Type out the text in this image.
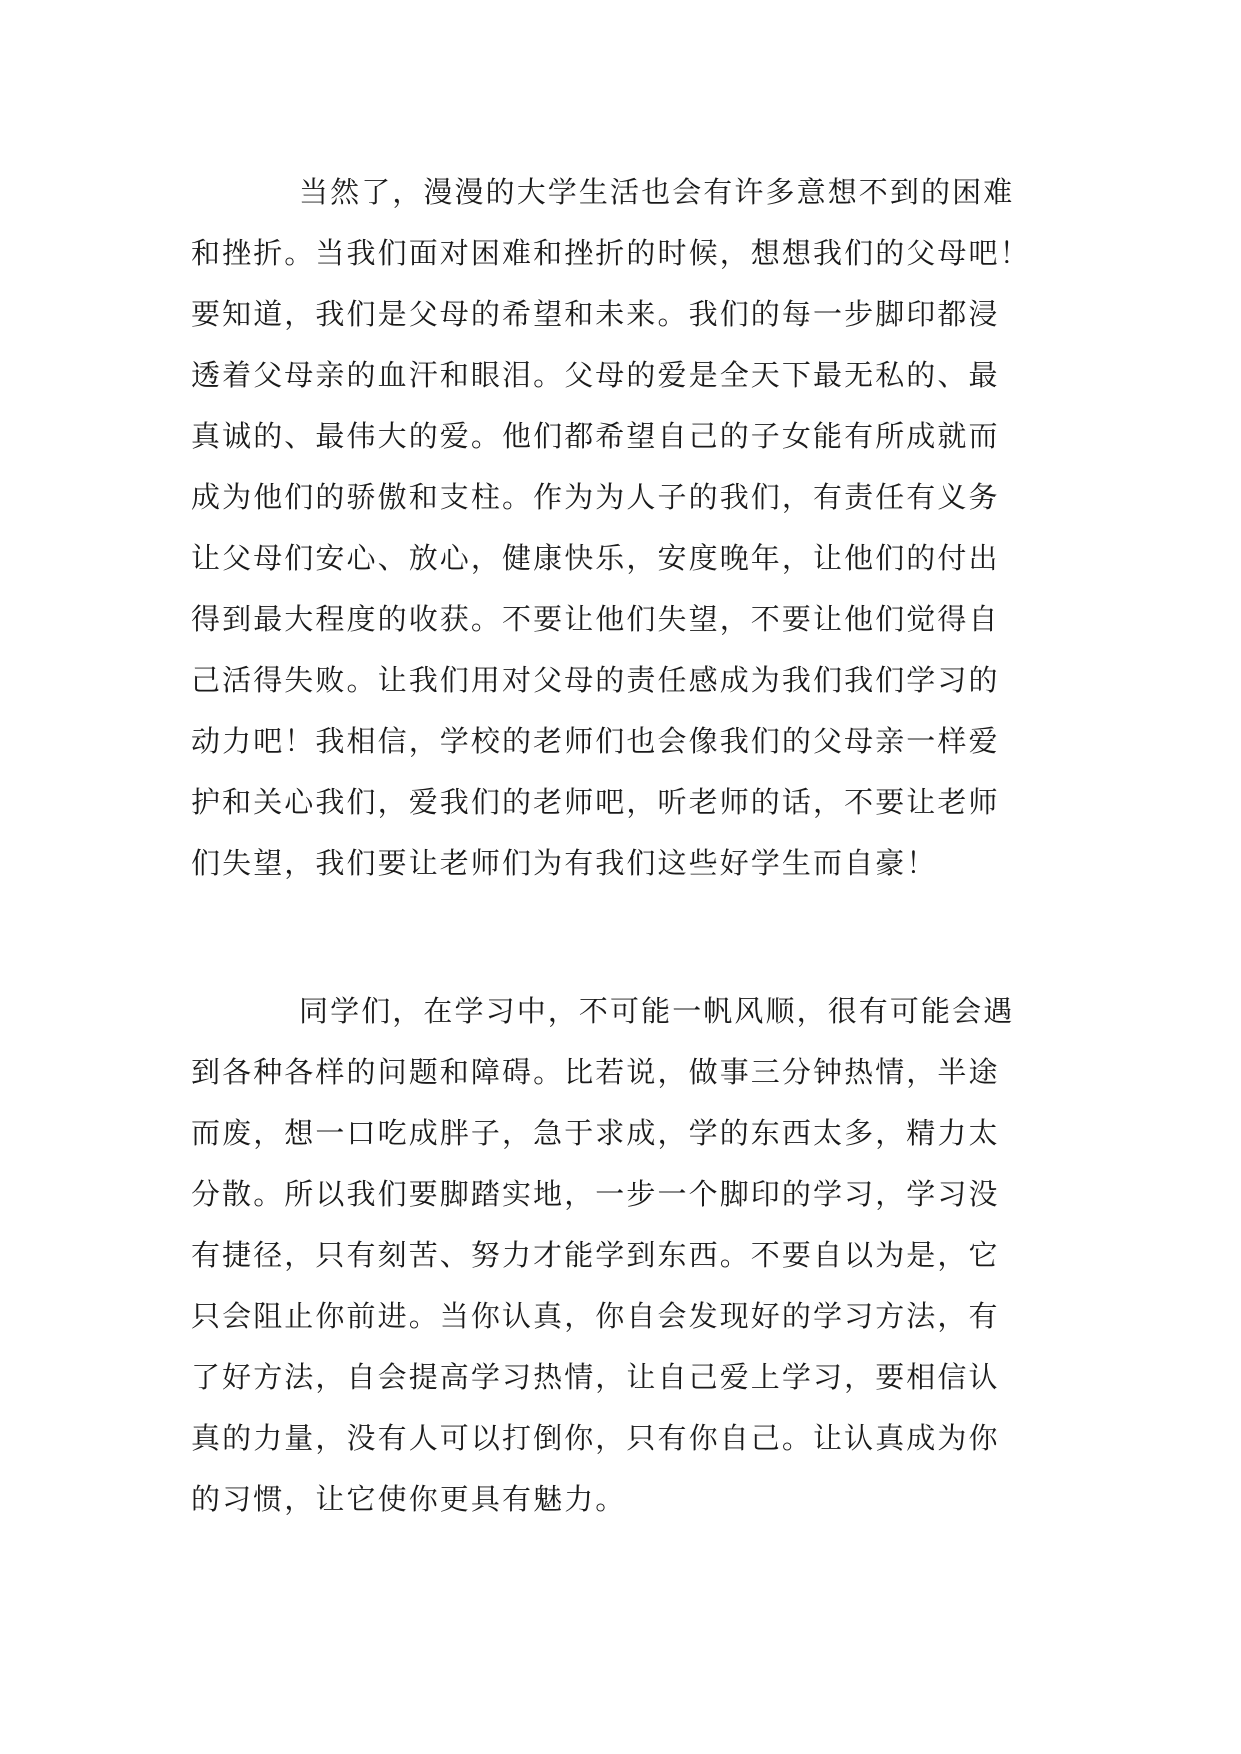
当然了，漫漫的大学生活也会有许多意想不到的困难
和挫折。当我们面对困难和挫折的时候，想想我们的父母吧！
要知道，我们是父母的希望和未来。我们的每一步脚印都浸
透着父母亲的血汗和眼泪。父母的爱是全天下最无私的、最
真诚的、最伟大的爱。他们都希望自己的子女能有所成就而
成为他们的骄傲和支柱。作为为人子的我们，有责任有义务
让父母们安心、放心，健康快乐，安度晚年，让他们的付出
得到最大程度的收获。不要让他们失望，不要让他们觉得自
己活得失败。让我们用对父母的责任感成为我们我们学习的
动力吧！我相信，学校的老师们也会像我们的父母亲一样爱
护和关心我们，爱我们的老师吧，听老师的话，不要让老师
们失望，我们要让老师们为有我们这些好学生而自豪！
同学们，在学习中，不可能一帆风顺，很有可能会遇
到各种各样的问题和障碍。比若说，做事三分钟热情，半途
而废，想一口吃成胖子，急于求成，学的东西太多，精力太
分散。所以我们要脚踏实地，一步一个脚印的学习，学习没
有捷径，只有刻苦、努力才能学到东西。不要自以为是，它
只会阻止你前进。当你认真，你自会发现好的学习方法，有
了好方法，自会提高学习热情，让自己爱上学习，要相信认
真的力量，没有人可以打倒你，只有你自己。让认真成为你
的习惯，让它使你更具有魅力。
